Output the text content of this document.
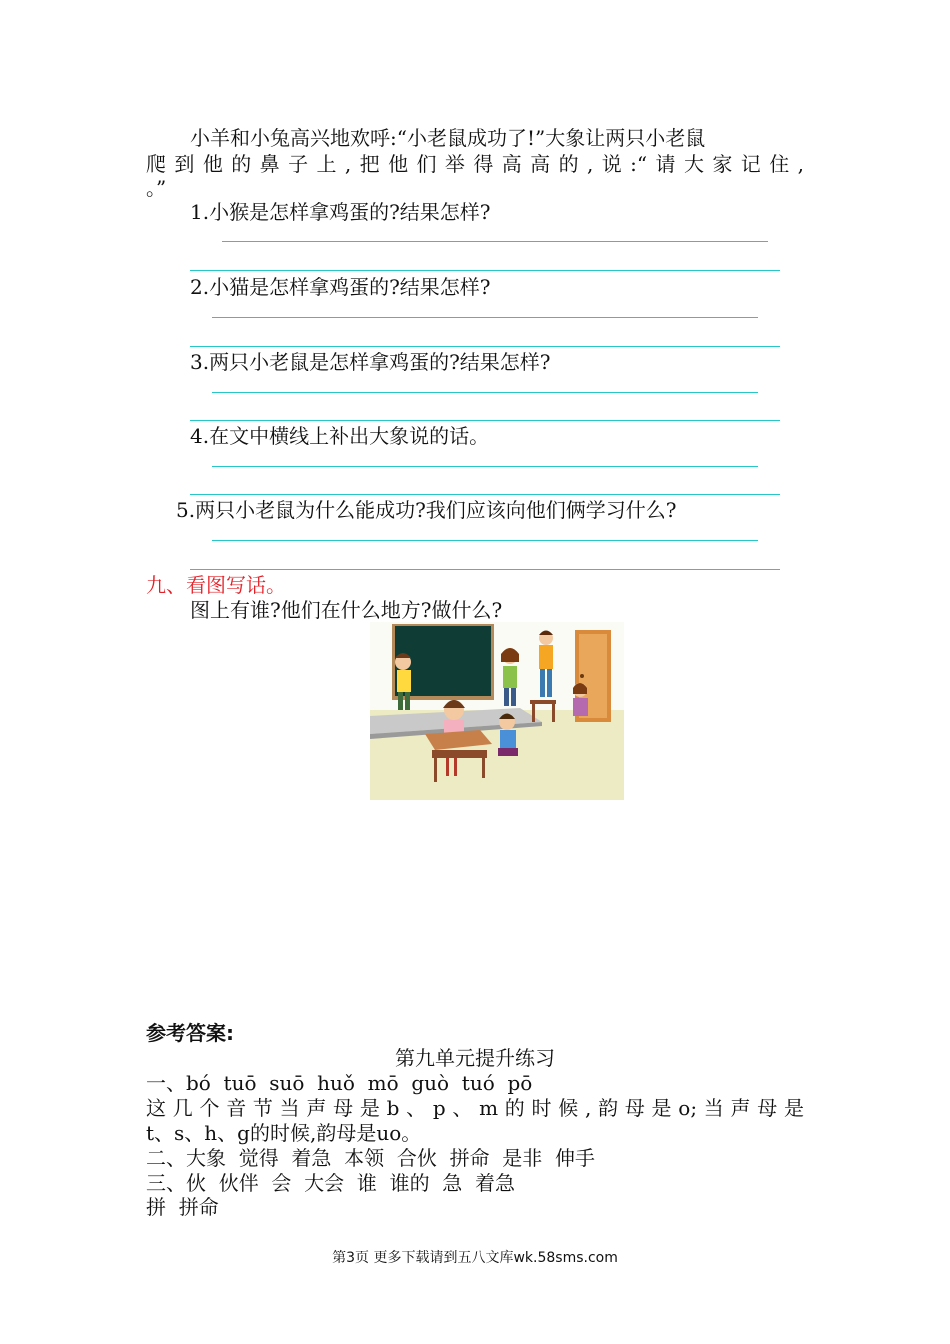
小羊和小兔高兴地欢呼:“小老鼠成功了!”大象让两只小老鼠
爬到他的鼻子上,把他们举得高高的,说:“请大家记住,
。”
1.小猴是怎样拿鸡蛋的?结果怎样?
2.小猫是怎样拿鸡蛋的?结果怎样?
3.两只小老鼠是怎样拿鸡蛋的?结果怎样?
4.在文中横线上补出大象说的话。
5.两只小老鼠为什么能成功?我们应该向他们俩学习什么?
九、看图写话。
图上有谁?他们在什么地方?做什么?
参考答案:
第九单元提升练习
一、bó  tuō  suō  huǒ  mō  guò  tuó  pō
这几个音节当声母是b、p、m的时候,韵母是o;当声母是
t、s、h、g的时候,韵母是uo。
二、大象  觉得  着急  本领  合伙  拼命  是非  伸手
三、伙  伙伴  会  大会  谁  谁的  急  着急
拼  拼命
第3页 更多下载请到五八文库wk.58sms.com
